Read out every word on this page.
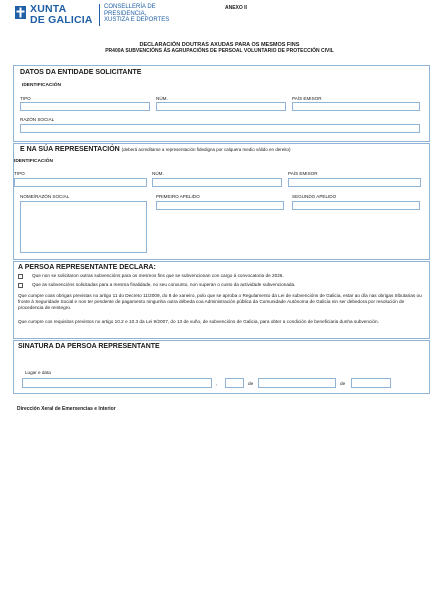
XUNTA
DE GALICIA
CONSELLERÍA DE
PRESIDENCIA,
XUSTIZA E DEPORTES
ANEXO II
DECLARACIÓN DOUTRAS AXUDAS PARA OS MESMOS FINS
PR400A SUBVENCIÓNS ÁS AGRUPACIÓNS DE PERSOAL VOLUNTARIO DE PROTECCIÓN CIVIL
DATOS DA ENTIDADE SOLICITANTE
IDENTIFICACIÓN
TIPO	NÚM.	PAÍS EMISOR
RAZÓN SOCIAL
E NA SÚA REPRESENTACIÓN (deberá acreditarse a representación fidedigna por calquera medio válido en dereito)
IDENTIFICACIÓN
TIPO	NÚM.	PAÍS EMISOR
NOME/RAZÓN SOCIAL	PRIMEIRO APELIDO	SEGUNDO APELIDO
A PERSOA REPRESENTANTE DECLARA:
Que non se solicitaron outras subvencións para os mesmos fins que se subvencionan con cargo á convocatoria de 2026.
Que as subvencións solicitadas para a mesma finalidade, no seu conxunto, non superan o custo da actividade subvencionada.
Que cumpre coas obrigas previstas no artigo 11 do Decreto 11/2009, do 8 de xaneiro, polo que se aproba o Regulamento da Lei de subvencións de Galicia, estar ao día nas obrigas tributarias ou fronte á Seguridade Social e non ter pendente de pagamento ningunha outra débeda coa Administración pública da Comunidade Autónoma de Galicia nin ser debedora por resolución de procedencia de reintegro.
Que cumpre cos requisitos previstos no artigo 10.2 e 10.3 da Lei 9/2007, do 13 de xuño, de subvencións de Galicia, para obter a condición de beneficiaria dunha subvención.
SINATURA DA PERSOA REPRESENTANTE
Lugar e data
,	de	de
Dirección Xeral de Emerxencias e Interior
